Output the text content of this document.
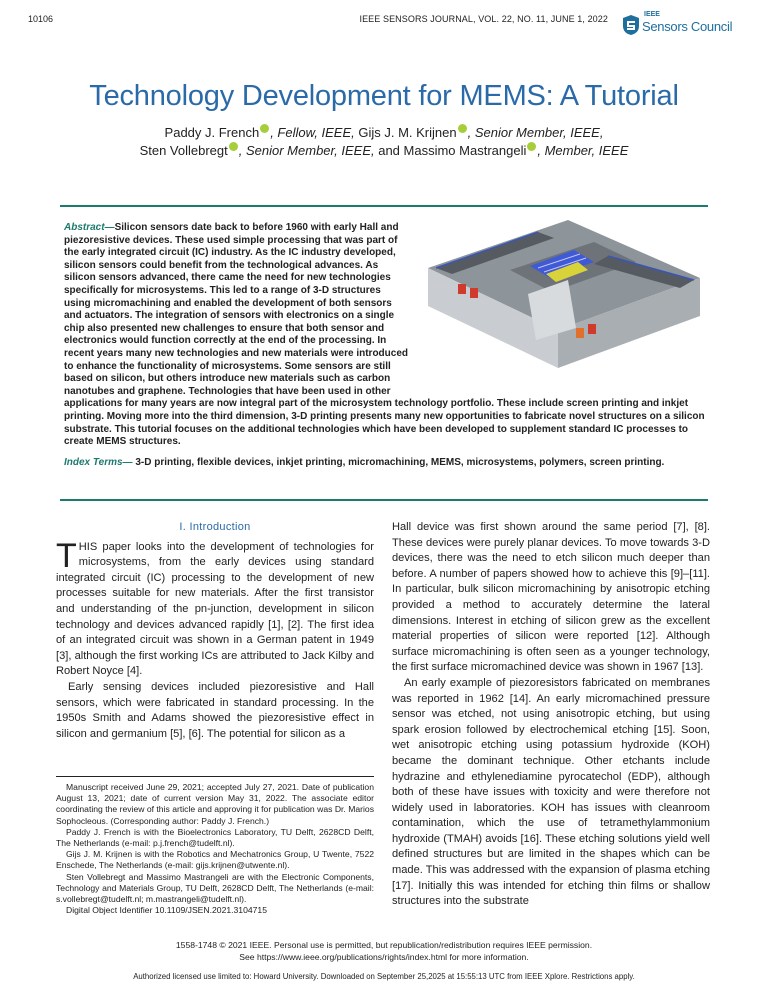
10106	IEEE SENSORS JOURNAL, VOL. 22, NO. 11, JUNE 1, 2022	IEEE
Sensors Council
Technology Development for MEMS: A Tutorial
Paddy J. French , Fellow, IEEE, Gijs J. M. Krijnen , Senior Member, IEEE,
Sten Vollebregt , Senior Member, IEEE, and Massimo Mastrangeli , Member, IEEE
Abstract—Silicon sensors date back to before 1960 with early Hall and piezoresistive devices. These used simple processing that was part of the early integrated circuit (IC) industry. As the IC industry developed, silicon sensors could benefit from the technological advances. As silicon sensors advanced, there came the need for new technologies specifically for microsystems. This led to a range of 3-D structures using micromachining and enabled the development of both sensors and actuators. The integration of sensors with electronics on a single chip also presented new challenges to ensure that both sensor and electronics would function correctly at the end of the processing. In recent years many new technologies and new materials were introduced to enhance the functionality of microsystems. Some sensors are still based on silicon, but others introduce new materials such as carbon nanotubes and graphene. Technologies that have been used in other applications for many years are now integral part of the microsystem technology portfolio. These include screen printing and inkjet printing. Moving more into the third dimension, 3-D printing presents many new opportunities to fabricate novel structures on a silicon substrate. This tutorial focuses on the additional technologies which have been developed to supplement standard IC processes to create MEMS structures.
Index Terms— 3-D printing, flexible devices, inkjet printing, micromachining, MEMS, microsystems, polymers, screen printing.
I. Introduction

THIS paper looks into the development of technologies for microsystems, from the early devices using standard integrated circuit (IC) processing to the development of new processes suitable for new materials. After the first transistor and understanding of the pn-junction, development in silicon technology and devices advanced rapidly [1], [2]. The first idea of an integrated circuit was shown in a German patent in 1949 [3], although the first working ICs are attributed to Jack Kilby and Robert Noyce [4].

Early sensing devices included piezoresistive and Hall sensors, which were fabricated in standard processing. In the 1950s Smith and Adams showed the piezoresistive effect in silicon and germanium [5], [6]. The potential for silicon as a

Manuscript received June 29, 2021; accepted July 27, 2021. Date of publication August 13, 2021; date of current version May 31, 2022. The associate editor coordinating the review of this article and approving it for publication was Dr. Marios Sophocleous. (Corresponding author: Paddy J. French.)

Paddy J. French is with the Bioelectronics Laboratory, TU Delft, 2628CD Delft, The Netherlands (e-mail: p.j.french@tudelft.nl).

Gijs J. M. Krijnen is with the Robotics and Mechatronics Group, U Twente, 7522 Enschede, The Netherlands (e-mail: gijs.krijnen@utwente.nl).

Sten Vollebregt and Massimo Mastrangeli are with the Electronic Components, Technology and Materials Group, TU Delft, 2628CD Delft, The Netherlands (e-mail: s.vollebregt@tudelft.nl; m.mastrangeli@tudelft.nl).

Digital Object Identifier 10.1109/JSEN.2021.3104715

Hall device was first shown around the same period [7], [8]. These devices were purely planar devices. To move towards 3-D devices, there was the need to etch silicon much deeper than before. A number of papers showed how to achieve this [9]–[11]. In particular, bulk silicon micromachining by anisotropic etching provided a method to accurately determine the lateral dimensions. Interest in etching of silicon grew as the excellent material properties of silicon were reported [12]. Although surface micromachining is often seen as a younger technology, the first surface micromachined device was shown in 1967 [13].

An early example of piezoresistors fabricated on membranes was reported in 1962 [14]. An early micromachined pressure sensor was etched, not using anisotropic etching, but using spark erosion followed by electrochemical etching [15]. Soon, wet anisotropic etching using potassium hydroxide (KOH) became the dominant technique. Other etchants include hydrazine and ethylenediamine pyrocatechol (EDP), although both of these have issues with toxicity and were therefore not widely used in laboratories. KOH has issues with cleanroom contamination, which the use of tetramethylammonium hydroxide (TMAH) avoids [16]. These etching solutions yield well defined structures but are limited in the shapes which can be made. This was addressed with the expansion of plasma etching [17]. Initially this was intended for etching thin films or shallow structures into the substrate

1558-1748 © 2021 IEEE. Personal use is permitted, but republication/redistribution requires IEEE permission.
See https://www.ieee.org/publications/rights/index.html for more information.
Authorized licensed use limited to: Howard University. Downloaded on September 25,2025 at 15:55:13 UTC from IEEE Xplore. Restrictions apply.
